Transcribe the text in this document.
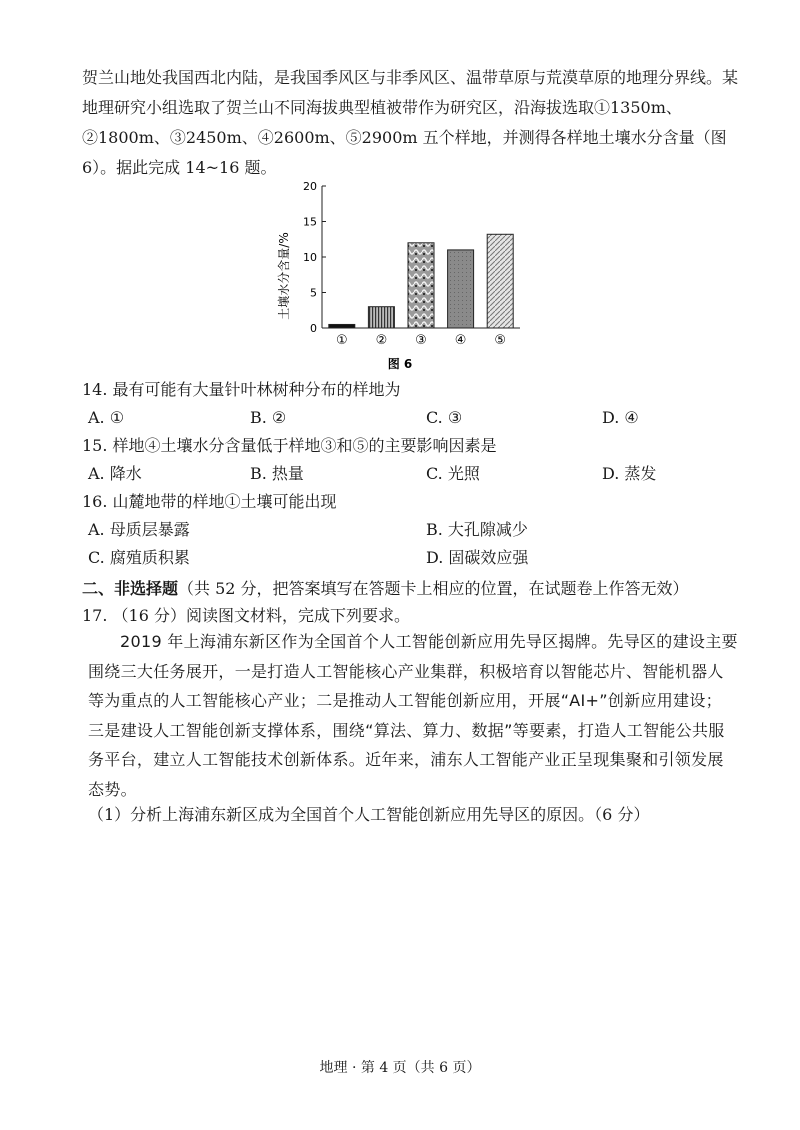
贺兰山地处我国西北内陆，是我国季风区与非季风区、温带草原与荒漠草原的地理分界线。某地理研究小组选取了贺兰山不同海拔典型植被带作为研究区，沿海拔选取①1350m、②1800m、③2450m、④2600m、⑤2900m 五个样地，并测得各样地土壤水分含量（图 6）。据此完成 14~16 题。
土壤水分含量/%
0
5
10
15
20
① ② ③ ④ ⑤
图 6
14. 最有可能有大量针叶林树种分布的样地为
A. ①	B. ②	C. ③	D. ④
15. 样地④土壤水分含量低于样地③和⑤的主要影响因素是
A. 降水	B. 热量	C. 光照	D. 蒸发
16. 山麓地带的样地①土壤可能出现
A. 母质层暴露	B. 大孔隙减少
C. 腐殖质积累	D. 固碳效应强
二、非选择题（共 52 分，把答案填写在答题卡上相应的位置，在试题卷上作答无效）
17. （16 分）阅读图文材料，完成下列要求。
2019 年上海浦东新区作为全国首个人工智能创新应用先导区揭牌。先导区的建设主要围绕三大任务展开，一是打造人工智能核心产业集群，积极培育以智能芯片、智能机器人等为重点的人工智能核心产业；二是推动人工智能创新应用，开展“AI+”创新应用建设；三是建设人工智能创新支撑体系，围绕“算法、算力、数据”等要素，打造人工智能公共服务平台，建立人工智能技术创新体系。近年来，浦东人工智能产业正呈现集聚和引领发展态势。
（1）分析上海浦东新区成为全国首个人工智能创新应用先导区的原因。（6 分）
地理 · 第 4 页（共 6 页）
